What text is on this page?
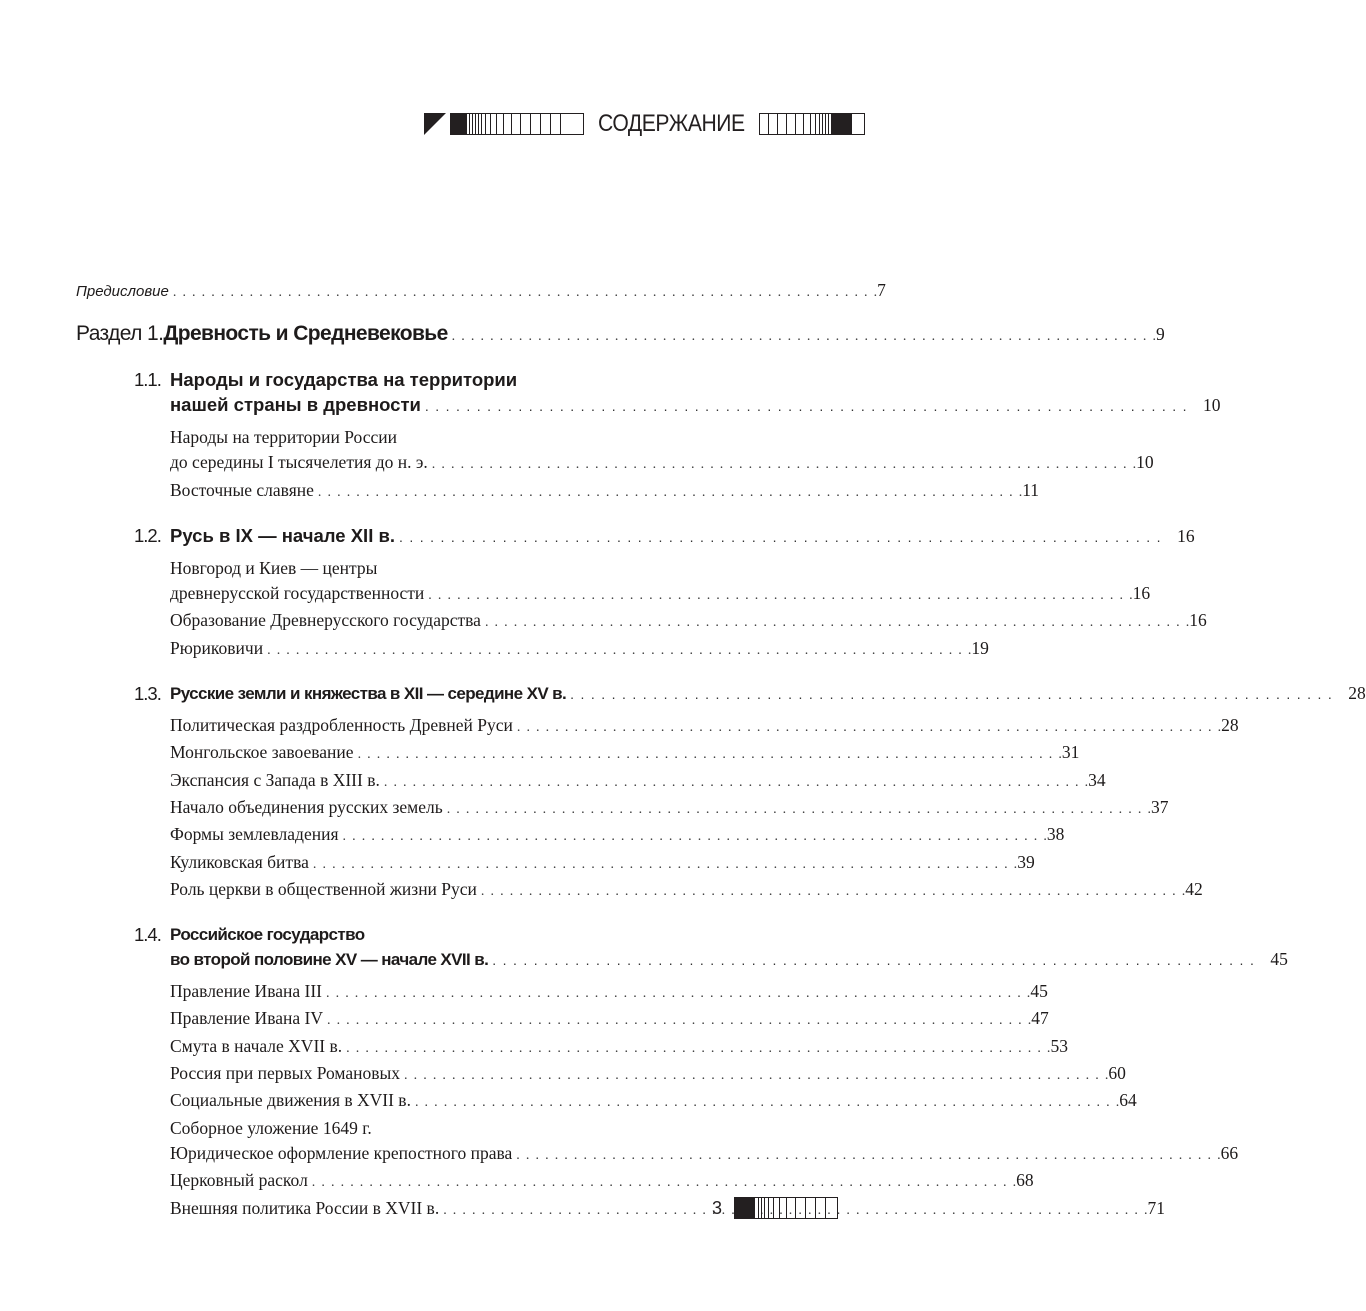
СОДЕРЖАНИЕ
Предисловие . . .	7
Раздел 1.Древность и Средневековье . . .	9
1.1. Народы и государства на территории
нашей страны в древности . . .	10
Народы на территории России
до середины I тысячелетия до н. э. . . .	10
Восточные славяне . . .	11
1.2. Русь в IX — начале XII в. . . .	16
Новгород и Киев — центры
древнерусской государственности . . .	16
Образование Древнерусского государства . . .	16
Рюриковичи . . .	19
1.3. Русские земли и княжества в XII — середине XV в. . . .	28
Политическая раздробленность Древней Руси . . .	28
Монгольское завоевание . . .	31
Экспансия с Запада в XIII в. . . .	34
Начало объединения русских земель . . .	37
Формы землевладения . . .	38
Куликовская битва . . .	39
Роль церкви в общественной жизни Руси . . .	42
1.4. Российское государство
во второй половине XV — начале XVII в. . . .	45
Правление Ивана III . . .	45
Правление Ивана IV . . .	47
Смута в начале XVII в. . . .	53
Россия при первых Романовых . . .	60
Социальные движения в XVII в. . . .	64
Соборное уложение 1649 г.
Юридическое оформление крепостного права . . .	66
Церковный раскол . . .	68
Внешняя политика России в XVII в. . . .	71
3
